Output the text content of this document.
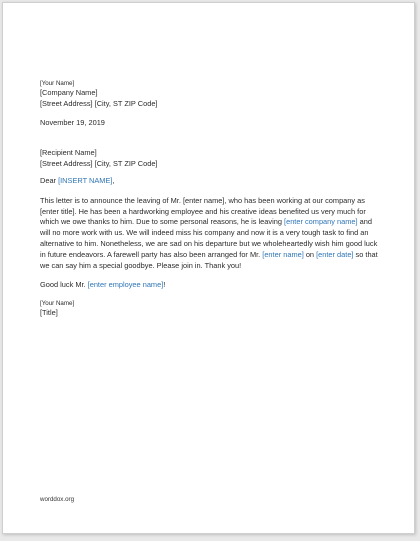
[Your Name]
[Company Name]
[Street Address] [City, ST ZIP Code]
November 19, 2019
[Recipient Name]
[Street Address] [City, ST ZIP Code]
Dear [INSERT NAME],
This letter is to announce the leaving of Mr. [enter name], who has been working at our company as [enter title]. He has been a hardworking employee and his creative ideas benefited us very much for which we owe thanks to him. Due to some personal reasons, he is leaving [enter company name] and will no more work with us. We will indeed miss his company and now it is a very tough task to find an alternative to him. Nonetheless, we are sad on his departure but we wholeheartedly wish him good luck in future endeavors. A farewell party has also been arranged for Mr. [enter name] on [enter date] so that we can say him a special goodbye. Please join in. Thank you!
Good luck Mr. [enter employee name]!
[Your Name]
[Title]
worddox.org
